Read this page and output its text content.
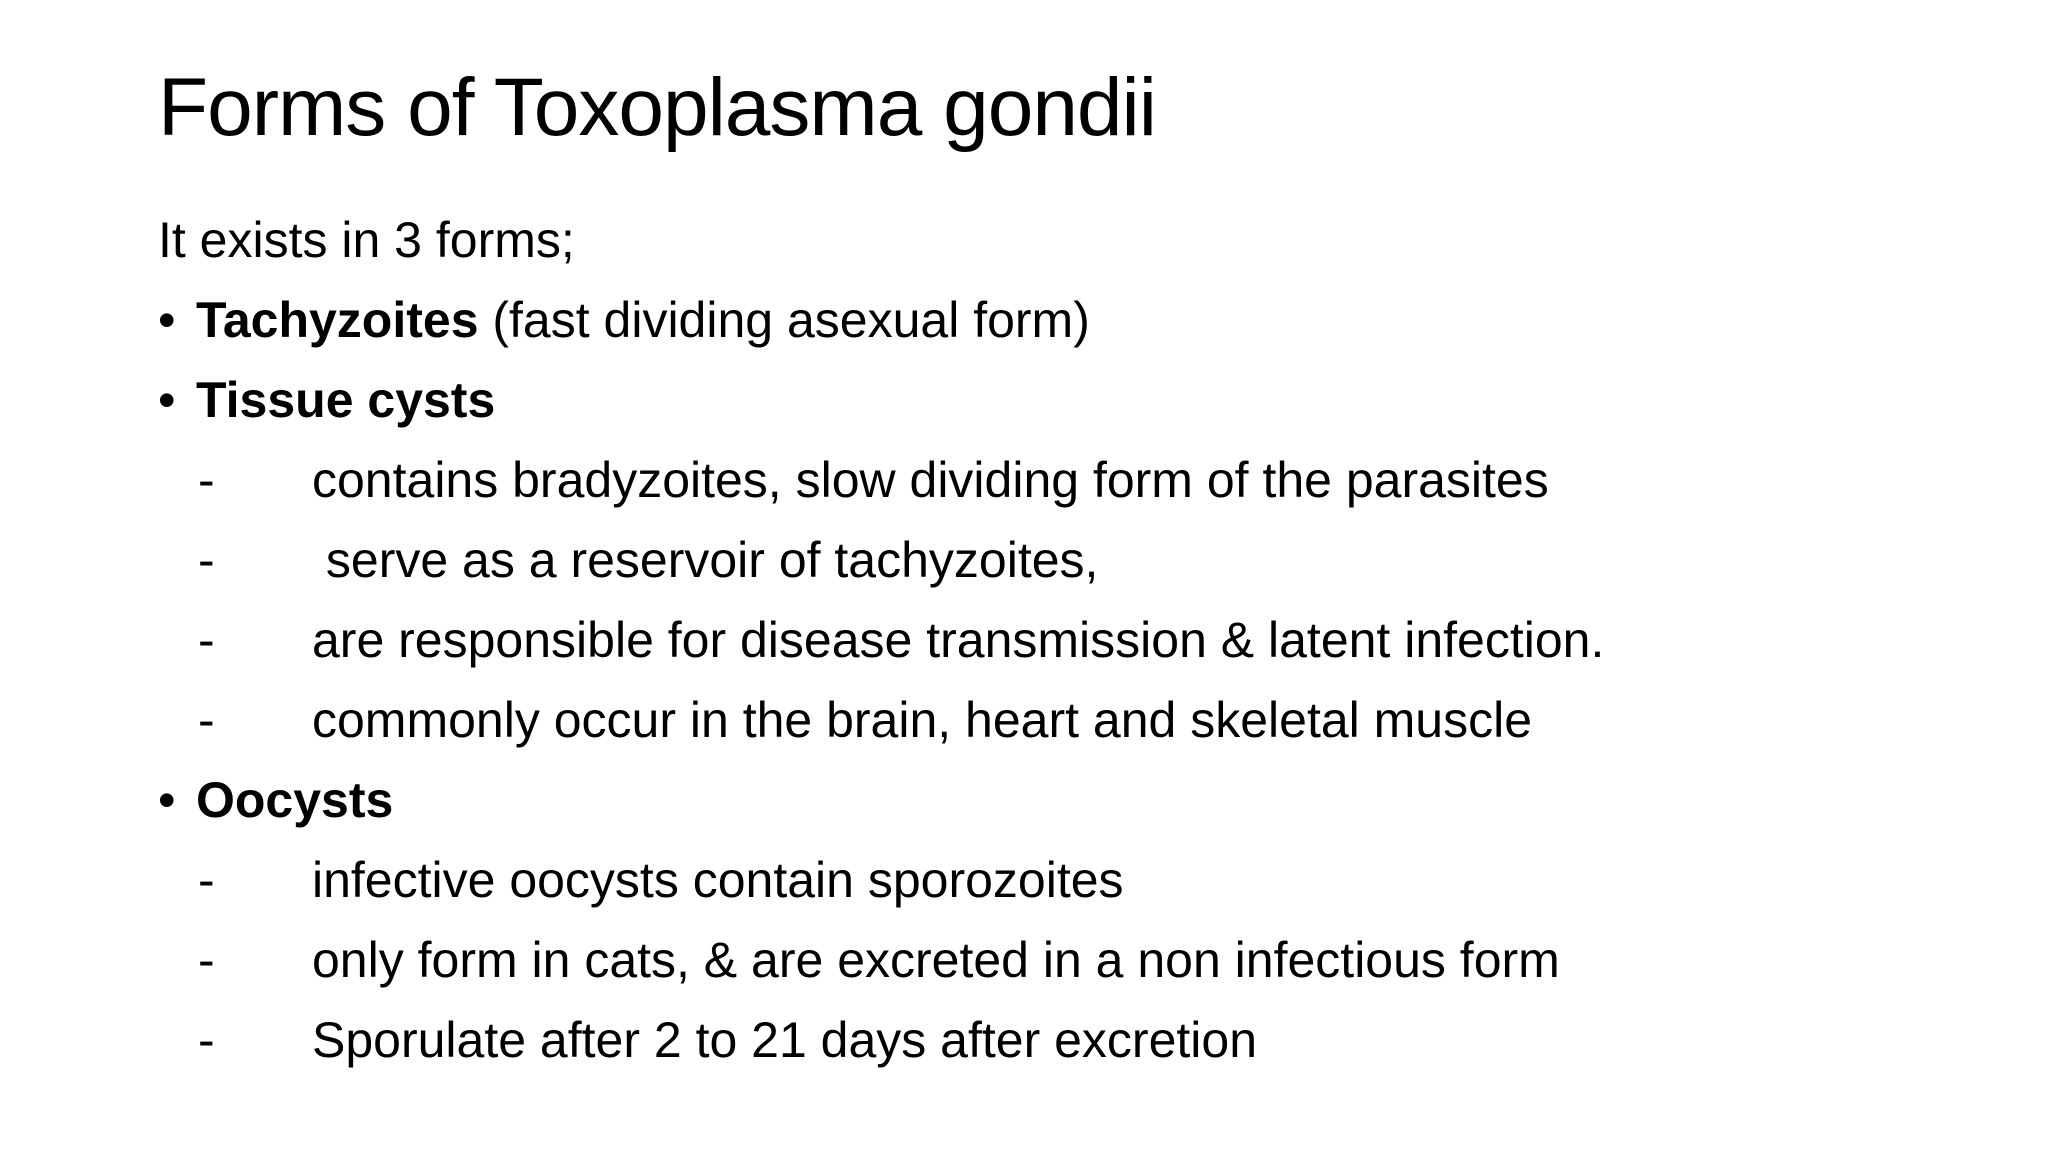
Forms of Toxoplasma gondii
It exists in 3 forms;
• Tachyzoites (fast dividing asexual form)
• Tissue cysts
- contains bradyzoites, slow dividing form of the parasites
- serve as a reservoir of tachyzoites,
- are responsible for disease transmission & latent infection.
- commonly occur in the brain, heart and skeletal muscle
• Oocysts
- infective oocysts contain sporozoites
- only form in cats, & are excreted in a non infectious form
- Sporulate after 2 to 21 days after excretion
